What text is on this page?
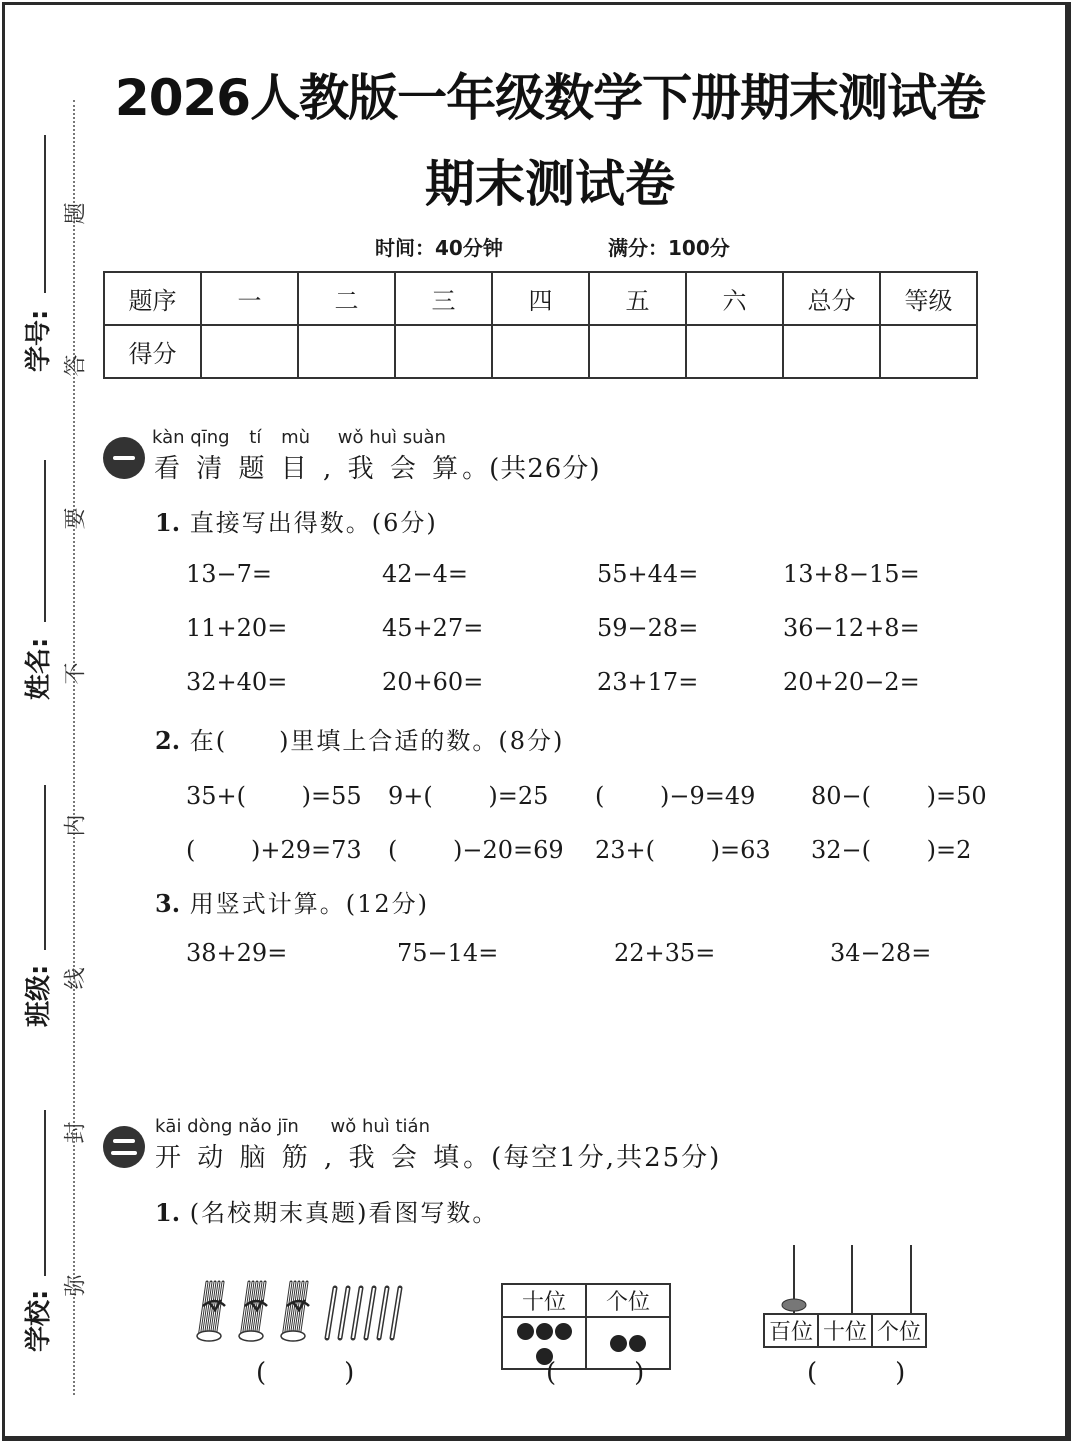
2026人教版一年级数学下册期末测试卷
期末测试卷
时间：40分钟	满分：100分
题序	一	二	三	四	五	六	总分	等级
得分								
学号:
姓名:
班级:
学校:
题
答
要
不
内
线
封
弥
kàn qīng tí mù wǒ huì suàn
看 清 题 目 , 我 会 算。(共26分)
1. 直接写出得数。(6分)
13−7=	42−4=	55+44=	13+8−15=
11+20=	45+27=	59−28=	36−12+8=
32+40=	20+60=	23+17=	20+20−2=
2. 在(　　)里填上合适的数。(8分)
35+(　　 )=55 9+(　　 )=25 (　　 )−9=49 80−(　　 )=50
(　　 )+29=73 (　　 )−20=69 23+(　　 )=63 32−(　　 )=2
3. 用竖式计算。(12分)
38+29=	75−14=	22+35=	34−28=
kāi dòng nǎo jīn wǒ huì tián
开 动 脑 筋 , 我 会 填。(每空1分,共25分)
1. (名校期末真题)看图写数。
(　　　)
十位	个位

(　　　)
百位	十位	个位
(　　　)
